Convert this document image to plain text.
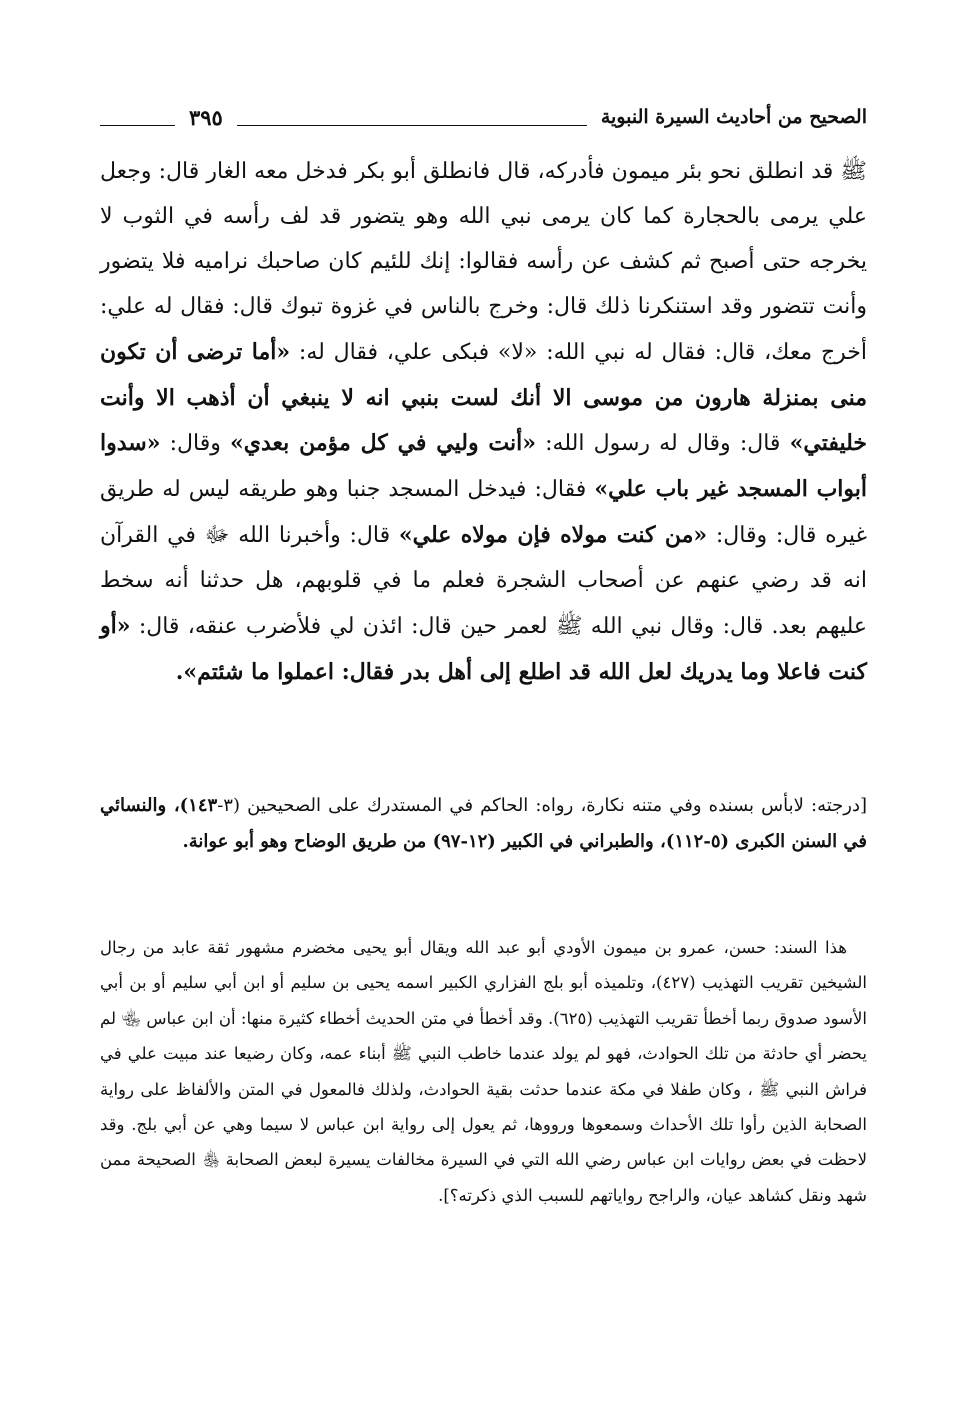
الصحيح من أحاديث السيرة النبوية
٣٩٥

ﷺ قد انطلق نحو بئر ميمون فأدركه، قال فانطلق أبو بكر فدخل معه الغار قال: وجعل علي يرمى بالحجارة كما كان يرمى نبي الله وهو يتضور قد لف رأسه في الثوب لا يخرجه حتى أصبح ثم كشف عن رأسه فقالوا: إنك للئيم كان صاحبك نراميه فلا يتضور وأنت تتضور وقد استنكرنا ذلك قال: وخرج بالناس في غزوة تبوك قال: فقال له علي: أخرج معك، قال: فقال له نبي الله: «لا» فبكى علي، فقال له: «أما ترضى أن تكون منى بمنزلة هارون من موسى الا أنك لست بنبي انه لا ينبغي أن أذهب الا وأنت خليفتي» قال: وقال له رسول الله: «أنت وليي في كل مؤمن بعدي» وقال: «سدوا أبواب المسجد غير باب علي» فقال: فيدخل المسجد جنبا وهو طريقه ليس له طريق غيره قال: وقال: «من كنت مولاه فإن مولاه علي» قال: وأخبرنا الله ﷻ في القرآن انه قد رضي عنهم عن أصحاب الشجرة فعلم ما في قلوبهم، هل حدثنا أنه سخط عليهم بعد. قال: وقال نبي الله ﷺ لعمر حين قال: ائذن لي فلأضرب عنقه، قال: «أو كنت فاعلا وما يدريك لعل الله قد اطلع إلى أهل بدر فقال: اعملوا ما شئتم».

[درجته: لابأس بسنده وفي متنه نكارة، رواه: الحاكم في المستدرك على الصحيحين (٣-١٤٣)، والنسائي في السنن الكبرى (٥-١١٢)، والطبراني في الكبير (١٢-٩٧) من طريق الوضاح وهو أبو عوانة.

هذا السند: حسن، عمرو بن ميمون الأودي أبو عبد الله ويقال أبو يحيى مخضرم مشهور ثقة عابد من رجال الشيخين تقريب التهذيب (٤٢٧)، وتلميذه أبو بلج الفزاري الكبير اسمه يحيى بن سليم أو ابن أبي سليم أو بن أبي الأسود صدوق ربما أخطأ تقريب التهذيب (٦٢٥). وقد أخطأ في متن الحديث أخطاء كثيرة منها: أن ابن عباس ﵄ لم يحضر أي حادثة من تلك الحوادث، فهو لم يولد عندما خاطب النبي ﷺ أبناء عمه، وكان رضيعا عند مبيت علي في فراش النبي ﷺ ، وكان طفلا في مكة عندما حدثت بقية الحوادث، ولذلك فالمعول في المتن والألفاظ على رواية الصحابة الذين رأوا تلك الأحداث وسمعوها ورووها، ثم يعول إلى رواية ابن عباس لا سيما وهي عن أبي بلج. وقد لاحظت في بعض روايات ابن عباس رضي الله التي في السيرة مخالفات يسيرة لبعض الصحابة ﵃ الصحيحة ممن شهد ونقل كشاهد عيان، والراجح رواياتهم للسبب الذي ذكرته؟].
